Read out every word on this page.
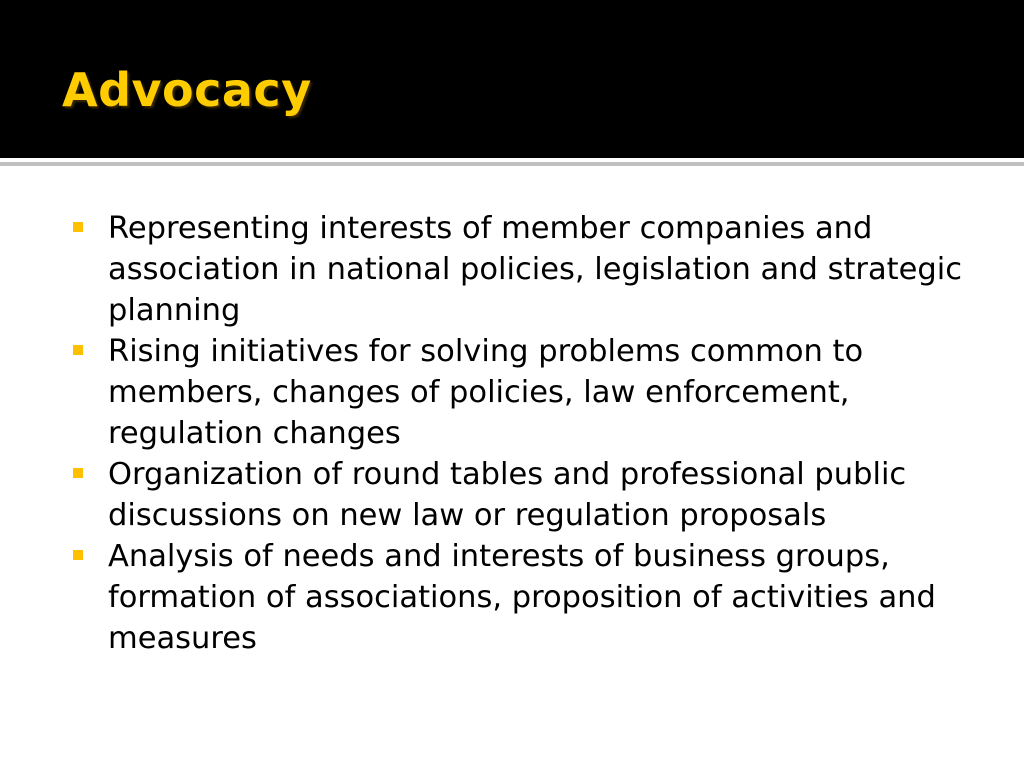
Advocacy
Representing interests of member companies and association in national policies, legislation and strategic planning
Rising initiatives for solving problems common to members, changes of policies, law enforcement, regulation changes
Organization of round tables and professional public discussions on new law or regulation proposals
Analysis of needs and interests of business groups, formation of associations, proposition of activities and measures
